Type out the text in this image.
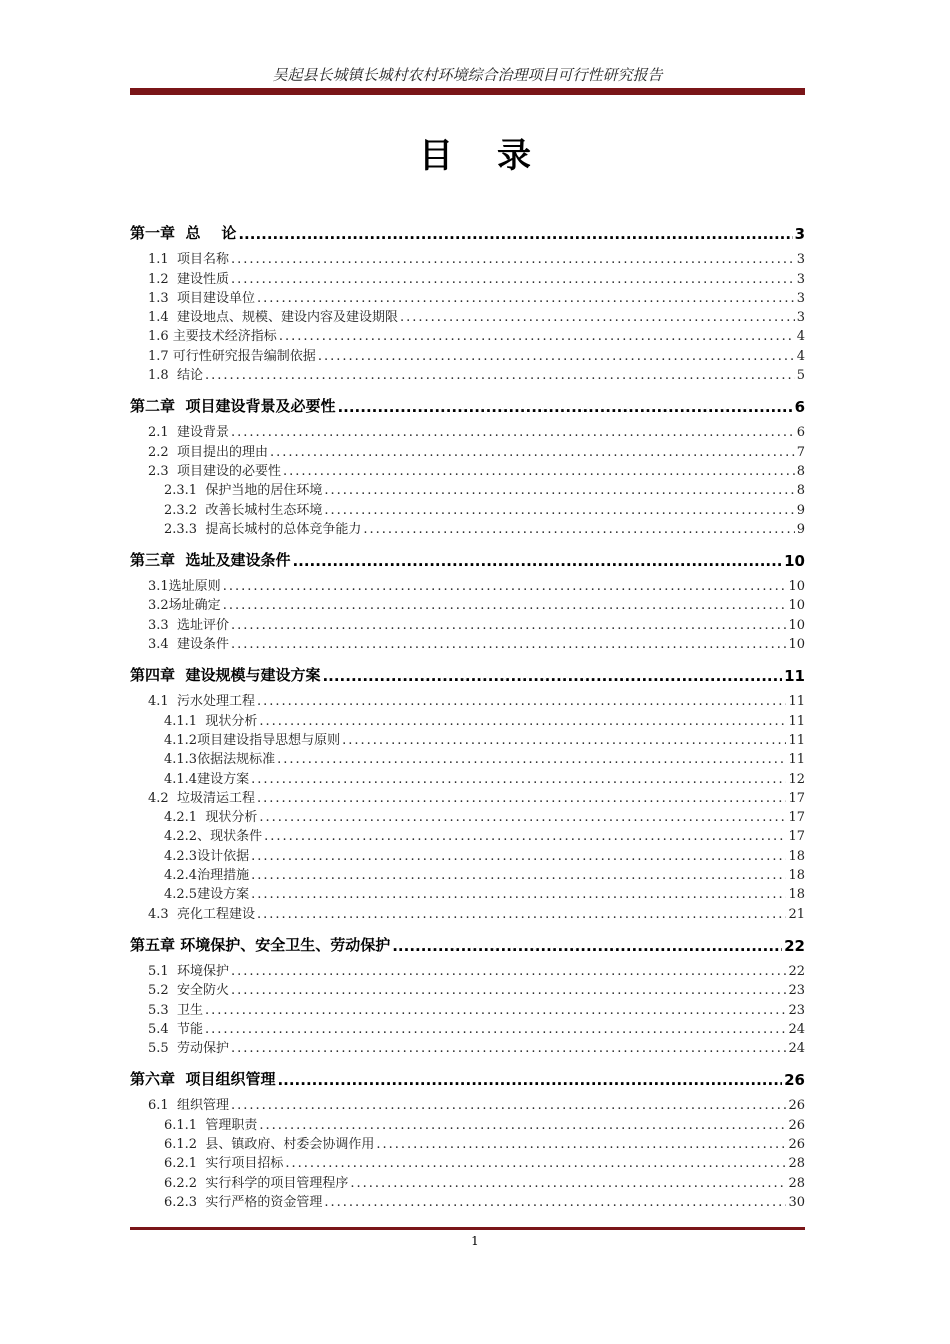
吴起县长城镇长城村农村环境综合治理项目可行性研究报告
目录
第一章  总    论 .....	3
1.1  项目名称 .....	3
1.2  建设性质 .....	3
1.3  项目建设单位 .....	3
1.4  建设地点、规模、建设内容及建设期限 .....	3
1.6 主要技术经济指标 .....	4
1.7 可行性研究报告编制依据 .....	4
1.8  结论 .....	5
第二章  项目建设背景及必要性 .....	6
2.1  建设背景 .....	6
2.2  项目提出的理由 .....	7
2.3  项目建设的必要性 .....	8
2.3.1  保护当地的居住环境 .....	8
2.3.2  改善长城村生态环境 .....	9
2.3.3  提高长城村的总体竞争能力 .....	9
第三章  选址及建设条件 .....	10
3.1选址原则 .....	10
3.2场址确定 .....	10
3.3  选址评价 .....	10
3.4  建设条件 .....	10
第四章  建设规模与建设方案 .....	11
4.1  污水处理工程 .....	11
4.1.1  现状分析 .....	11
4.1.2项目建设指导思想与原则 .....	11
4.1.3依据法规标准 .....	11
4.1.4建设方案 .....	12
4.2  垃圾清运工程 .....	17
4.2.1  现状分析 .....	17
4.2.2、现状条件 .....	17
4.2.3设计依据 .....	18
4.2.4治理措施 .....	18
4.2.5建设方案 .....	18
4.3  亮化工程建设 .....	21
第五章 环境保护、安全卫生、劳动保护 .....	22
5.1  环境保护 .....	22
5.2  安全防火 .....	23
5.3  卫生 .....	23
5.4  节能 .....	24
5.5  劳动保护 .....	24
第六章  项目组织管理 .....	26
6.1  组织管理 .....	26
6.1.1  管理职责 .....	26
6.1.2  县、镇政府、村委会协调作用 .....	26
6.2.1  实行项目招标 .....	28
6.2.2  实行科学的项目管理程序 .....	28
6.2.3  实行严格的资金管理 .....	30
1
